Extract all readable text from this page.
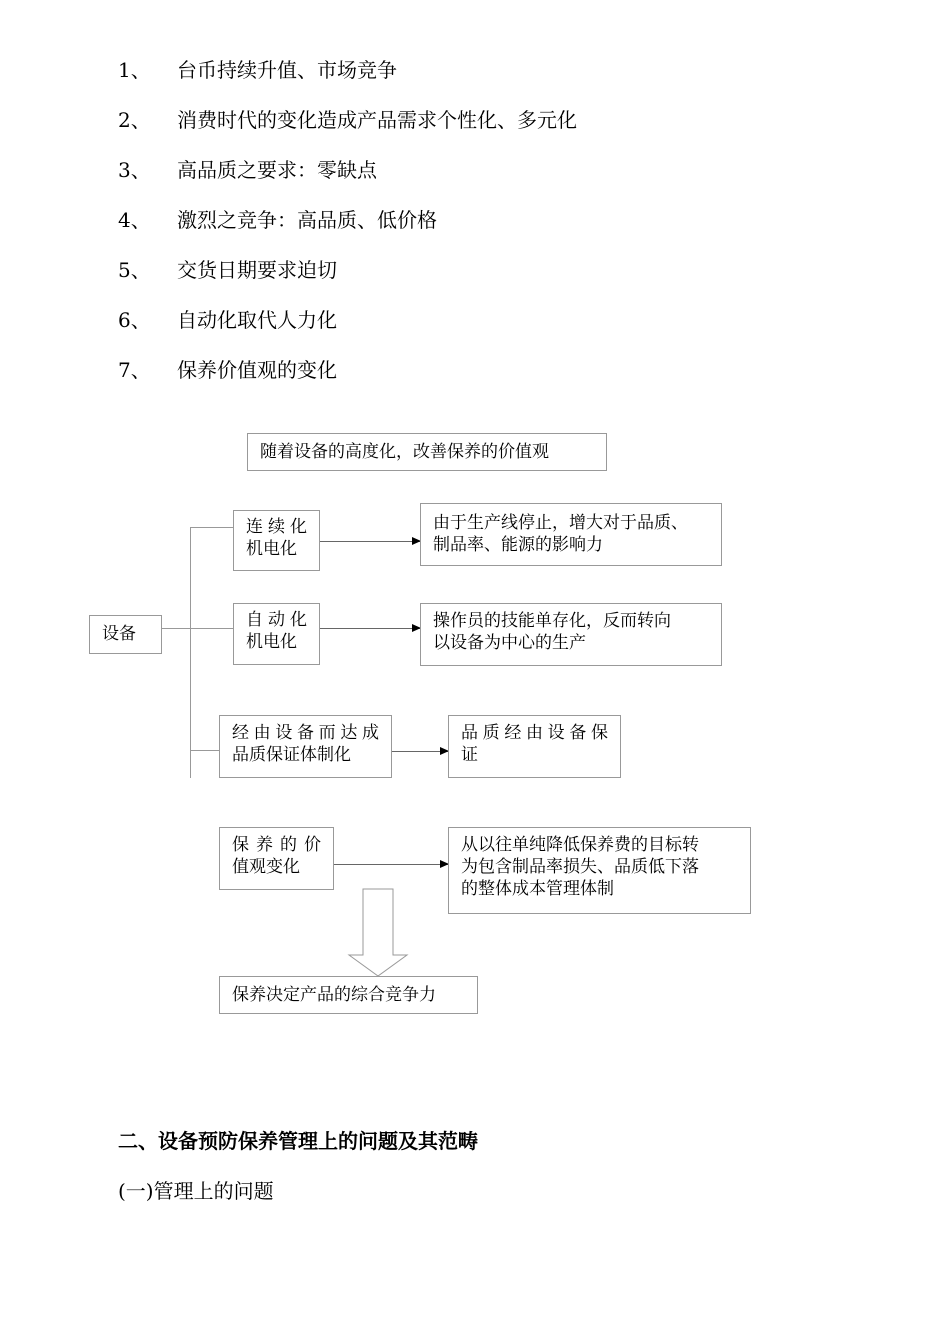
1、 台币持续升值、市场竞争
2、 消费时代的变化造成产品需求个性化、多元化
3、 高品质之要求：零缺点
4、 激烈之竞争：高品质、低价格
5、 交货日期要求迫切
6、 自动化取代人力化
7、 保养价值观的变化
随着设备的高度化，改善保养的价值观
设备
连续化
机电化
由于生产线停止，增大对于品质、
制品率、能源的影响力
自动化
机电化
操作员的技能单存化，反而转向
以设备为中心的生产
经由设备而达成
品质保证体制化
品质经由设备保
证
保养的价
值观变化
从以往单纯降低保养费的目标转
为包含制品率损失、品质低下落
的整体成本管理体制
保养决定产品的综合竞争力
二、设备预防保养管理上的问题及其范畴
(一)管理上的问题
